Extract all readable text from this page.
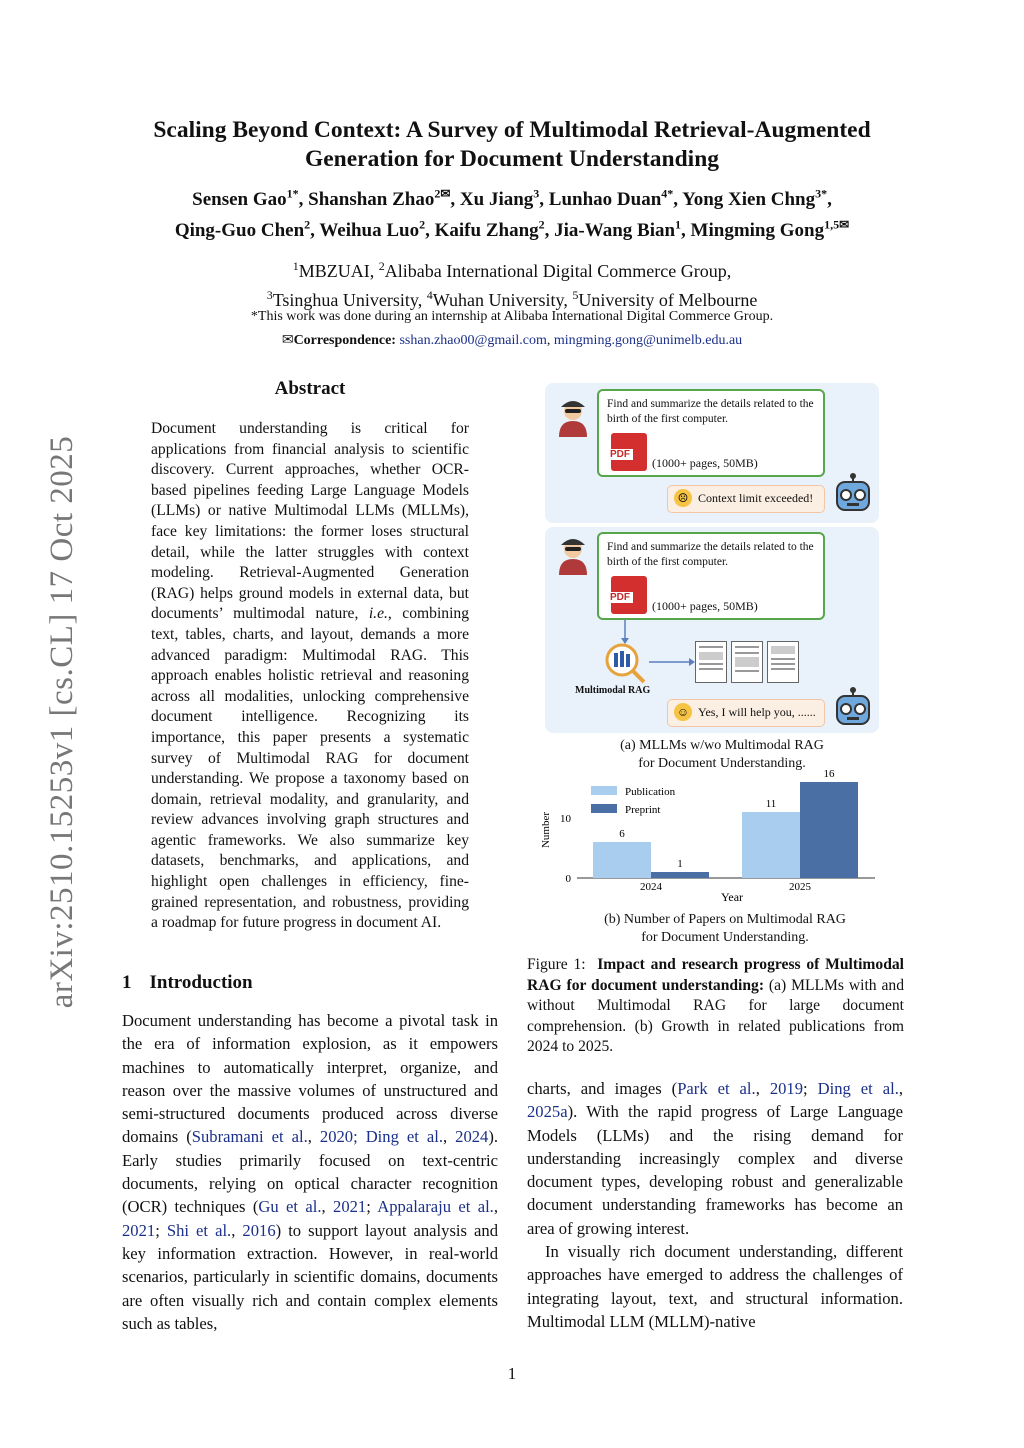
Scaling Beyond Context: A Survey of Multimodal Retrieval-Augmented Generation for Document Understanding
Sensen Gao$^{1*}$, Shanshan Zhao$^{2✉}$, Xu Jiang$^3$, Lunhao Duan$^{4*}$, Yong Xien Chng$^{3*}$,
Qing-Guo Chen$^2$, Weihua Luo$^2$, Kaifu Zhang$^2$, Jia-Wang Bian$^1$, Mingming Gong$^{1,5✉}$
$^1$MBZUAI, $^2$Alibaba International Digital Commerce Group,
$^3$Tsinghua University, $^4$Wuhan University, $^5$University of Melbourne
*This work was done during an internship at Alibaba International Digital Commerce Group.
✉Correspondence: sshan.zhao00@gmail.com, mingming.gong@unimelb.edu.au
arXiv:2510.15253v1 [cs.CL] 17 Oct 2025
Abstract

Document understanding is critical for applications from financial analysis to scientific discovery. Current approaches, whether OCR-based pipelines feeding Large Language Models (LLMs) or native Multimodal LLMs (MLLMs), face key limitations: the former loses structural detail, while the latter struggles with context modeling. Retrieval-Augmented Generation (RAG) helps ground models in external data, but documents’ multimodal nature, i.e., combining text, tables, charts, and layout, demands a more advanced paradigm: Multimodal RAG. This approach enables holistic retrieval and reasoning across all modalities, unlocking comprehensive document intelligence. Recognizing its importance, this paper presents a systematic survey of Multimodal RAG for document understanding. We propose a taxonomy based on domain, retrieval modality, and granularity, and review advances involving graph structures and agentic frameworks. We also summarize key datasets, benchmarks, and applications, and highlight open challenges in efficiency, fine-grained representation, and robustness, providing a roadmap for future progress in document AI.

1 Introduction

Document understanding has become a pivotal task in the era of information explosion, as it empowers machines to automatically interpret, organize, and reason over the massive volumes of unstructured and semi-structured documents produced across diverse domains (Subramani et al., 2020; Ding et al., 2024). Early studies primarily focused on text-centric documents, relying on optical character recognition (OCR) techniques (Gu et al., 2021; Appalaraju et al., 2021; Shi et al., 2016) to support layout analysis and key information extraction. However, in real-world scenarios, particularly in scientific domains, documents are often visually rich and contain complex elements such as tables,

Find and summarize the details related to the birth of the first computer.
PDF
(1000+ pages, 50MB)
☹ Context limit exceeded!
Find and summarize the details related to the birth of the first computer.
PDF
(1000+ pages, 50MB)
Multimodal RAG
☺ Yes, I will help you, ......
(a) MLLMs w/wo Multimodal RAG
for Document Understanding.
0
10
Number
Year
6
1
2024
11
16
2025
Publication
Preprint
(b) Number of Papers on Multimodal RAG
for Document Understanding.
Figure 1: Impact and research progress of Multimodal RAG for document understanding: (a) MLLMs with and without Multimodal RAG for large document comprehension. (b) Growth in related publications from 2024 to 2025.

charts, and images (Park et al., 2019; Ding et al., 2025a). With the rapid progress of Large Language Models (LLMs) and the rising demand for understanding increasingly complex and diverse document types, developing robust and generalizable document understanding frameworks has become an area of growing interest.

In visually rich document understanding, different approaches have emerged to address the challenges of integrating layout, text, and structural information. Multimodal LLM (MLLM)-native

1
